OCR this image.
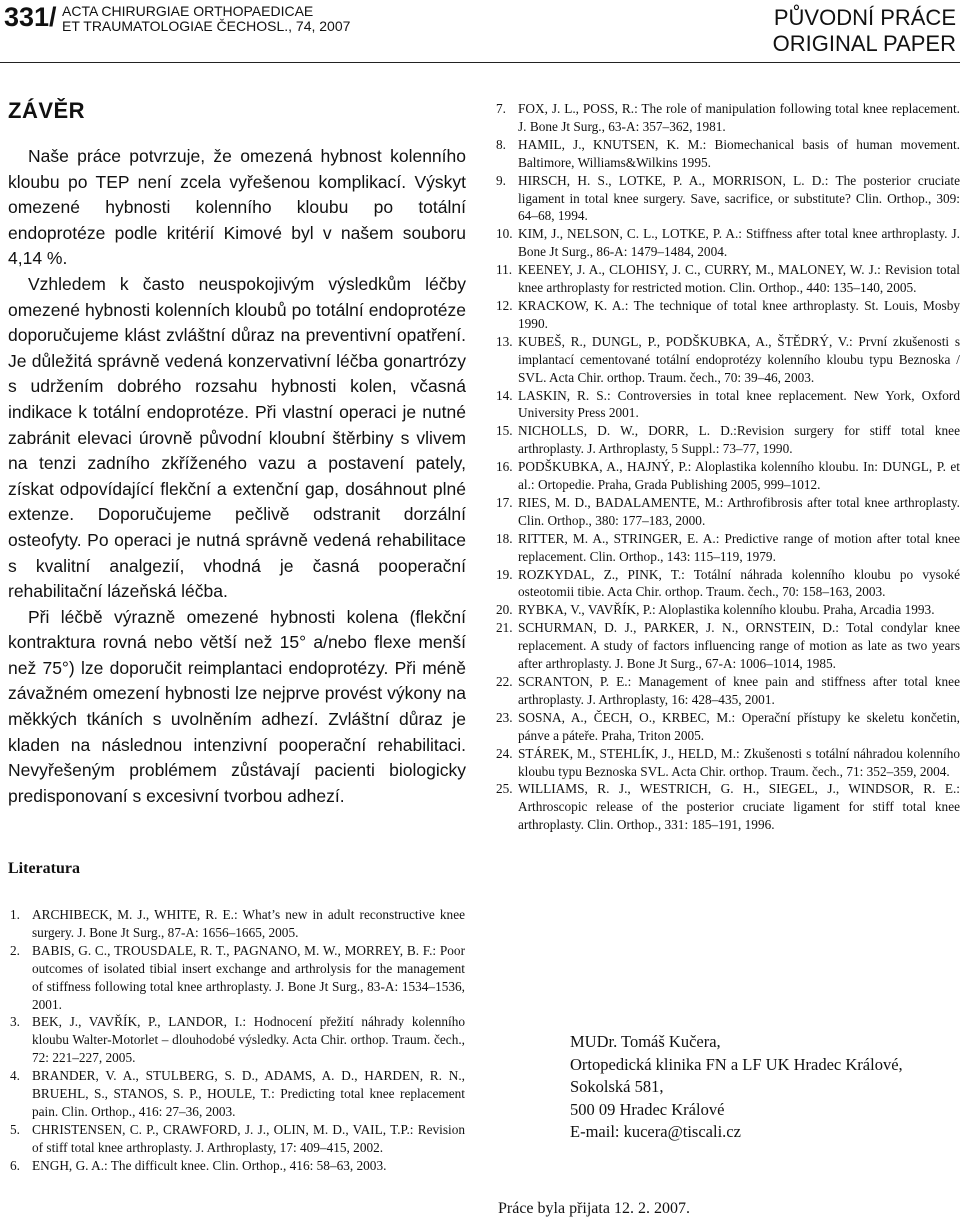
331/ ACTA CHIRURGIAE ORTHOPAEDICAE
ET TRAUMATOLOGIAE ČECHOSL., 74, 2007	PŮVODNÍ PRÁCE
ORIGINAL PAPER
ZÁVĚR

Naše práce potvrzuje, že omezená hybnost kolenního kloubu po TEP není zcela vyřešenou komplikací. Výskyt omezené hybnosti kolenního kloubu po totální endoprotéze podle kritérií Kimové byl v našem souboru 4,14 %.

Vzhledem k často neuspokojivým výsledkům léčby omezené hybnosti kolenních kloubů po totální endoprotéze doporučujeme klást zvláštní důraz na preventivní opatření. Je důležitá správně vedená konzervativní léčba gonartrózy s udržením dobrého rozsahu hybnosti kolen, včasná indikace k totální endoprotéze. Při vlastní operaci je nutné zabránit elevaci úrovně původní kloubní štěrbiny s vlivem na tenzi zadního zkříženého vazu a postavení pately, získat odpovídající flekční a extenční gap, dosáhnout plné extenze. Doporučujeme pečlivě odstranit dorzální osteofyty. Po operaci je nutná správně vedená rehabilitace s kvalitní analgezií, vhodná je časná pooperační rehabilitační lázeňská léčba.

Při léčbě výrazně omezené hybnosti kolena (flekční kontraktura rovná nebo větší než 15° a/nebo flexe menší než 75°) lze doporučit reimplantaci endoprotézy. Při méně závažném omezení hybnosti lze nejprve provést výkony na měkkých tkáních s uvolněním adhezí. Zvláštní důraz je kladen na následnou intenzivní pooperační rehabilitaci. Nevyřešeným problémem zůstávají pacienti biologicky predisponovaní s excesivní tvorbou adhezí.

Literatura
1. ARCHIBECK, M. J., WHITE, R. E.: What’s new in adult reconstructive knee surgery. J. Bone Jt Surg., 87-A: 1656–1665, 2005.
2. BABIS, G. C., TROUSDALE, R. T., PAGNANO, M. W., MORREY, B. F.: Poor outcomes of isolated tibial insert exchange and arthrolysis for the management of stiffness following total knee arthroplasty. J. Bone Jt Surg., 83-A: 1534–1536, 2001.
3. BEK, J., VAVŘÍK, P., LANDOR, I.: Hodnocení přežití náhrady kolenního kloubu Walter-Motorlet – dlouhodobé výsledky. Acta Chir. orthop. Traum. čech., 72: 221–227, 2005.
4. BRANDER, V. A., STULBERG, S. D., ADAMS, A. D., HARDEN, R. N., BRUEHL, S., STANOS, S. P., HOULE, T.: Predicting total knee replacement pain. Clin. Orthop., 416: 27–36, 2003.
5. CHRISTENSEN, C. P., CRAWFORD, J. J., OLIN, M. D., VAIL, T.P.: Revision of stiff total knee arthroplasty. J. Arthroplasty, 17: 409–415, 2002.
6. ENGH, G. A.: The difficult knee. Clin. Orthop., 416: 58–63, 2003.
7. FOX, J. L., POSS, R.: The role of manipulation following total knee replacement. J. Bone Jt Surg., 63-A: 357–362, 1981.
8. HAMIL, J., KNUTSEN, K. M.: Biomechanical basis of human movement. Baltimore, Williams&Wilkins 1995.
9. HIRSCH, H. S., LOTKE, P. A., MORRISON, L. D.: The posterior cruciate ligament in total knee surgery. Save, sacrifice, or substitute? Clin. Orthop., 309: 64–68, 1994.
10. KIM, J., NELSON, C. L., LOTKE, P. A.: Stiffness after total knee arthroplasty. J. Bone Jt Surg., 86-A: 1479–1484, 2004.
11. KEENEY, J. A., CLOHISY, J. C., CURRY, M., MALONEY, W. J.: Revision total knee arthroplasty for restricted motion. Clin. Orthop., 440: 135–140, 2005.
12. KRACKOW, K. A.: The technique of total knee arthroplasty. St. Louis, Mosby 1990.
13. KUBEŠ, R., DUNGL, P., PODŠKUBKA, A., ŠTĚDRÝ, V.: První zkušenosti s implantací cementované totální endoprotézy kolenního kloubu typu Beznoska / SVL. Acta Chir. orthop. Traum. čech., 70: 39–46, 2003.
14. LASKIN, R. S.: Controversies in total knee replacement. New York, Oxford University Press 2001.
15. NICHOLLS, D. W., DORR, L. D.:Revision surgery for stiff total knee arthroplasty. J. Arthroplasty, 5 Suppl.: 73–77, 1990.
16. PODŠKUBKA, A., HAJNÝ, P.: Aloplastika kolenního kloubu. In: DUNGL, P. et al.: Ortopedie. Praha, Grada Publishing 2005, 999–1012.
17. RIES, M. D., BADALAMENTE, M.: Arthrofibrosis after total knee arthroplasty. Clin. Orthop., 380: 177–183, 2000.
18. RITTER, M. A., STRINGER, E. A.: Predictive range of motion after total knee replacement. Clin. Orthop., 143: 115–119, 1979.
19. ROZKYDAL, Z., PINK, T.: Totální náhrada kolenního kloubu po vysoké osteotomii tibie. Acta Chir. orthop. Traum. čech., 70: 158–163, 2003.
20. RYBKA, V., VAVŘÍK, P.: Aloplastika kolenního kloubu. Praha, Arcadia 1993.
21. SCHURMAN, D. J., PARKER, J. N., ORNSTEIN, D.: Total condylar knee replacement. A study of factors influencing range of motion as late as two years after arthroplasty. J. Bone Jt Surg., 67-A: 1006–1014, 1985.
22. SCRANTON, P. E.: Management of knee pain and stiffness after total knee arthroplasty. J. Arthroplasty, 16: 428–435, 2001.
23. SOSNA, A., ČECH, O., KRBEC, M.: Operační přístupy ke skeletu končetin, pánve a páteře. Praha, Triton 2005.
24. STÁREK, M., STEHLÍK, J., HELD, M.: Zkušenosti s totální náhradou kolenního kloubu typu Beznoska SVL. Acta Chir. orthop. Traum. čech., 71: 352–359, 2004.
25. WILLIAMS, R. J., WESTRICH, G. H., SIEGEL, J., WINDSOR, R. E.: Arthroscopic release of the posterior cruciate ligament for stiff total knee arthroplasty. Clin. Orthop., 331: 185–191, 1996.
MUDr. Tomáš Kučera,
Ortopedická klinika FN a LF UK Hradec Králové,
Sokolská 581,
500 09 Hradec Králové
E-mail: kucera@tiscali.cz
Práce byla přijata 12. 2. 2007.
